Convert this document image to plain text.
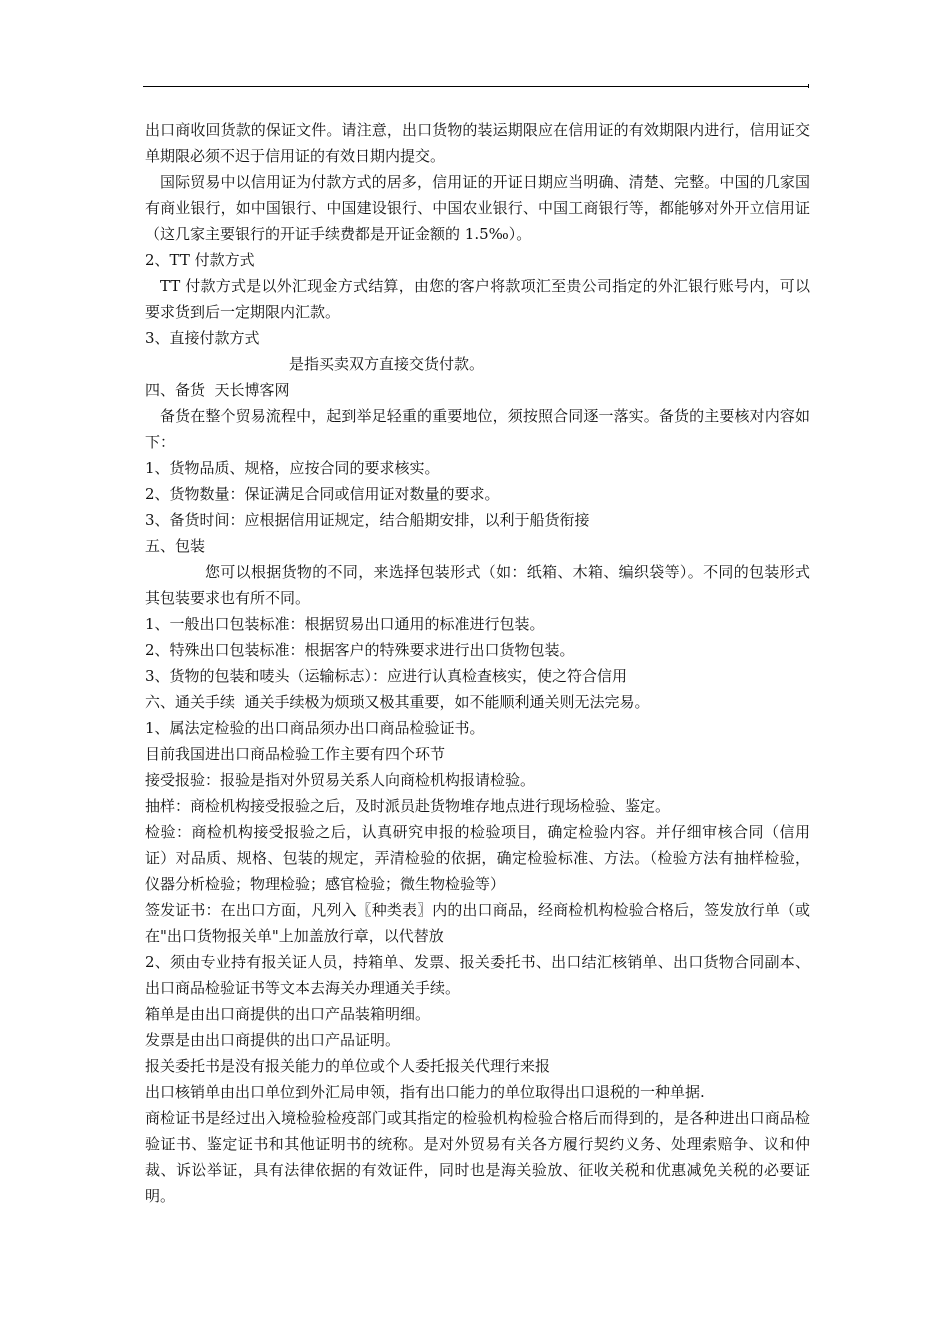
出口商收回货款的保证文件。请注意，出口货物的装运期限应在信用证的有效期限内进行，信用证交单期限必须不迟于信用证的有效日期内提交。

国际贸易中以信用证为付款方式的居多，信用证的开证日期应当明确、清楚、完整。中国的几家国有商业银行，如中国银行、中国建设银行、中国农业银行、中国工商银行等，都能够对外开立信用证（这几家主要银行的开证手续费都是开证金额的 1.5‰）。

2、TT 付款方式

TT 付款方式是以外汇现金方式结算，由您的客户将款项汇至贵公司指定的外汇银行账号内，可以要求货到后一定期限内汇款。

3、直接付款方式

是指买卖双方直接交货付款。

四、备货  天长博客网

备货在整个贸易流程中，起到举足轻重的重要地位，须按照合同逐一落实。备货的主要核对内容如下：

1、货物品质、规格，应按合同的要求核实。

2、货物数量：保证满足合同或信用证对数量的要求。

3、备货时间：应根据信用证规定，结合船期安排，以利于船货衔接

五、包装

您可以根据货物的不同，来选择包装形式（如：纸箱、木箱、编织袋等）。不同的包装形式其包装要求也有所不同。

1、一般出口包装标准：根据贸易出口通用的标准进行包装。

2、特殊出口包装标准：根据客户的特殊要求进行出口货物包装。

3、货物的包装和唛头（运输标志）：应进行认真检查核实，使之符合信用

六、通关手续  通关手续极为烦琐又极其重要，如不能顺利通关则无法完易。

1、属法定检验的出口商品须办出口商品检验证书。

目前我国进出口商品检验工作主要有四个环节

接受报验：报验是指对外贸易关系人向商检机构报请检验。

抽样：商检机构接受报验之后，及时派员赴货物堆存地点进行现场检验、鉴定。

检验：商检机构接受报验之后，认真研究申报的检验项目，确定检验内容。并仔细审核合同（信用证）对品质、规格、包装的规定，弄清检验的依据，确定检验标准、方法。（检验方法有抽样检验，仪器分析检验；物理检验；感官检验；微生物检验等）

签发证书：在出口方面，凡列入〖种类表〗内的出口商品，经商检机构检验合格后，签发放行单（或在"出口货物报关单"上加盖放行章，以代替放

2、须由专业持有报关证人员，持箱单、发票、报关委托书、出口结汇核销单、出口货物合同副本、出口商品检验证书等文本去海关办理通关手续。

箱单是由出口商提供的出口产品装箱明细。

发票是由出口商提供的出口产品证明。

报关委托书是没有报关能力的单位或个人委托报关代理行来报

出口核销单由出口单位到外汇局申领，指有出口能力的单位取得出口退税的一种单据.

商检证书是经过出入境检验检疫部门或其指定的检验机构检验合格后而得到的，是各种进出口商品检验证书、鉴定证书和其他证明书的统称。是对外贸易有关各方履行契约义务、处理索赔争、议和仲裁、诉讼举证，具有法律依据的有效证件，同时也是海关验放、征收关税和优惠减免关税的必要证明。
